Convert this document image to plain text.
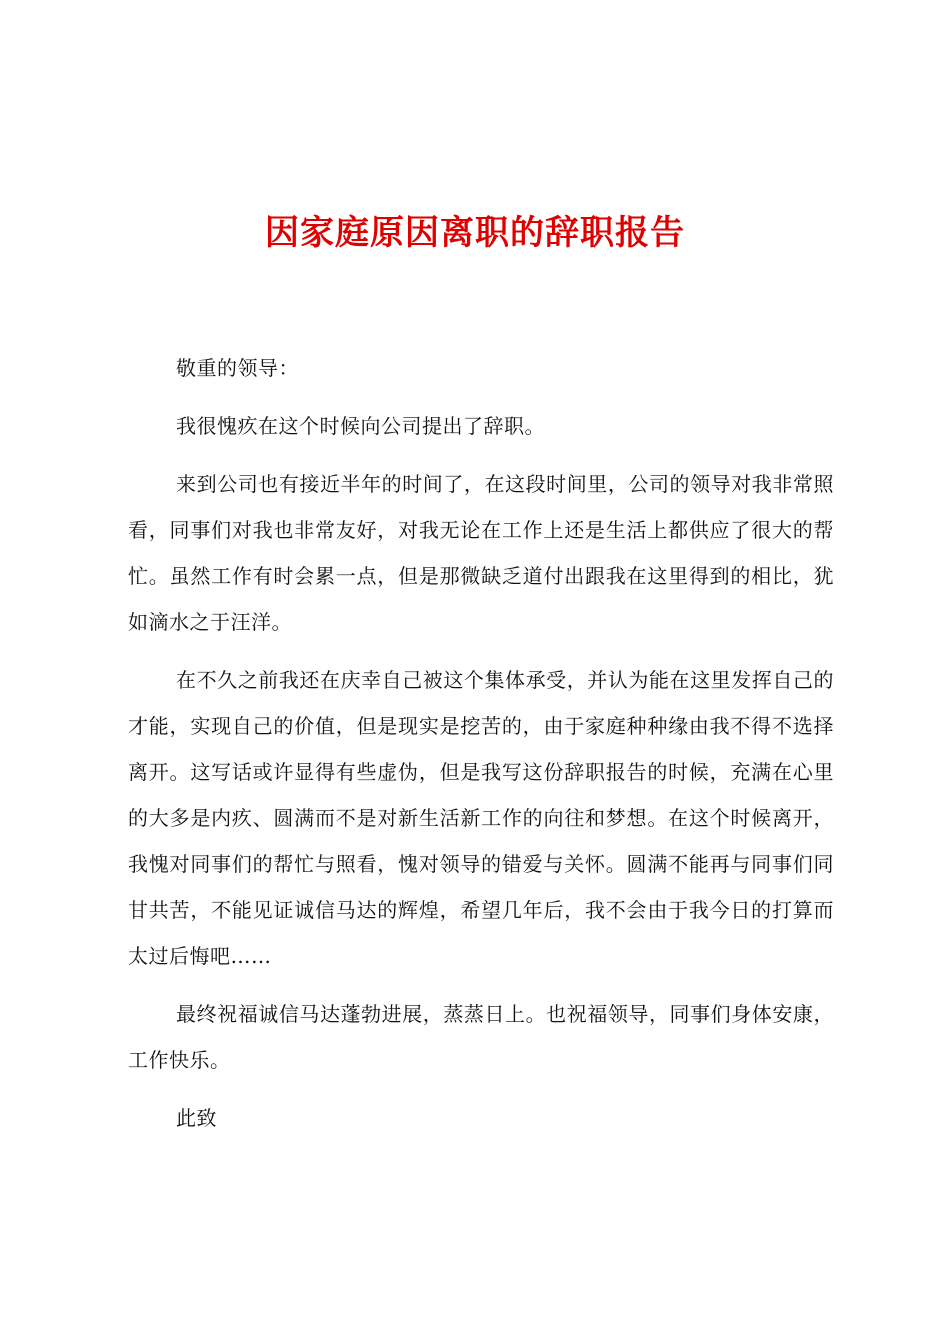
因家庭原因离职的辞职报告

敬重的领导：

我很愧疚在这个时候向公司提出了辞职。

来到公司也有接近半年的时间了，在这段时间里，公司的领导对我非常照看，同事们对我也非常友好，对我无论在工作上还是生活上都供应了很大的帮忙。虽然工作有时会累一点，但是那微缺乏道付出跟我在这里得到的相比，犹如滴水之于汪洋。

在不久之前我还在庆幸自己被这个集体承受，并认为能在这里发挥自己的才能，实现自己的价值，但是现实是挖苦的，由于家庭种种缘由我不得不选择离开。这写话或许显得有些虚伪，但是我写这份辞职报告的时候，充满在心里的大多是内疚、圆满而不是对新生活新工作的向往和梦想。在这个时候离开，我愧对同事们的帮忙与照看，愧对领导的错爱与关怀。圆满不能再与同事们同甘共苦，不能见证诚信马达的辉煌，希望几年后，我不会由于我今日的打算而太过后悔吧……

最终祝福诚信马达蓬勃进展，蒸蒸日上。也祝福领导，同事们身体安康，工作快乐。

此致
